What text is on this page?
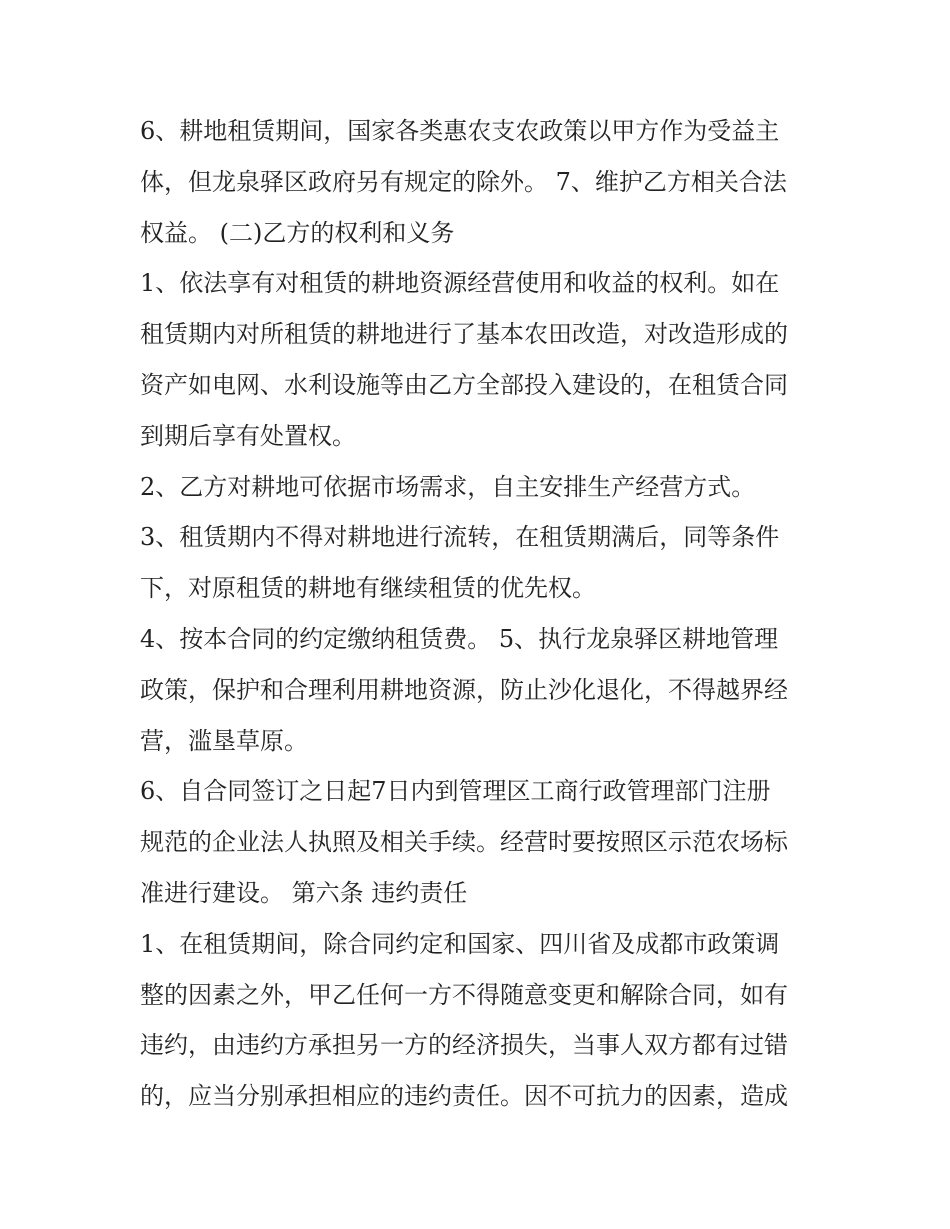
6、耕地租赁期间，国家各类惠农支农政策以甲方作为受益主
体，但龙泉驿区政府另有规定的除外。 7、维护乙方相关合法
权益。 (二)乙方的权利和义务
1、依法享有对租赁的耕地资源经营使用和收益的权利。如在
租赁期内对所租赁的耕地进行了基本农田改造，对改造形成的
资产如电网、水利设施等由乙方全部投入建设的，在租赁合同
到期后享有处置权。
2、乙方对耕地可依据市场需求，自主安排生产经营方式。
3、租赁期内不得对耕地进行流转，在租赁期满后，同等条件
下，对原租赁的耕地有继续租赁的优先权。
4、按本合同的约定缴纳租赁费。 5、执行龙泉驿区耕地管理
政策，保护和合理利用耕地资源，防止沙化退化，不得越界经
营，滥垦草原。
6、自合同签订之日起7日内到管理区工商行政管理部门注册
规范的企业法人执照及相关手续。经营时要按照区示范农场标
准进行建设。 第六条 违约责任
1、在租赁期间，除合同约定和国家、四川省及成都市政策调
整的因素之外，甲乙任何一方不得随意变更和解除合同，如有
违约，由违约方承担另一方的经济损失，当事人双方都有过错
的，应当分别承担相应的违约责任。因不可抗力的因素，造成
